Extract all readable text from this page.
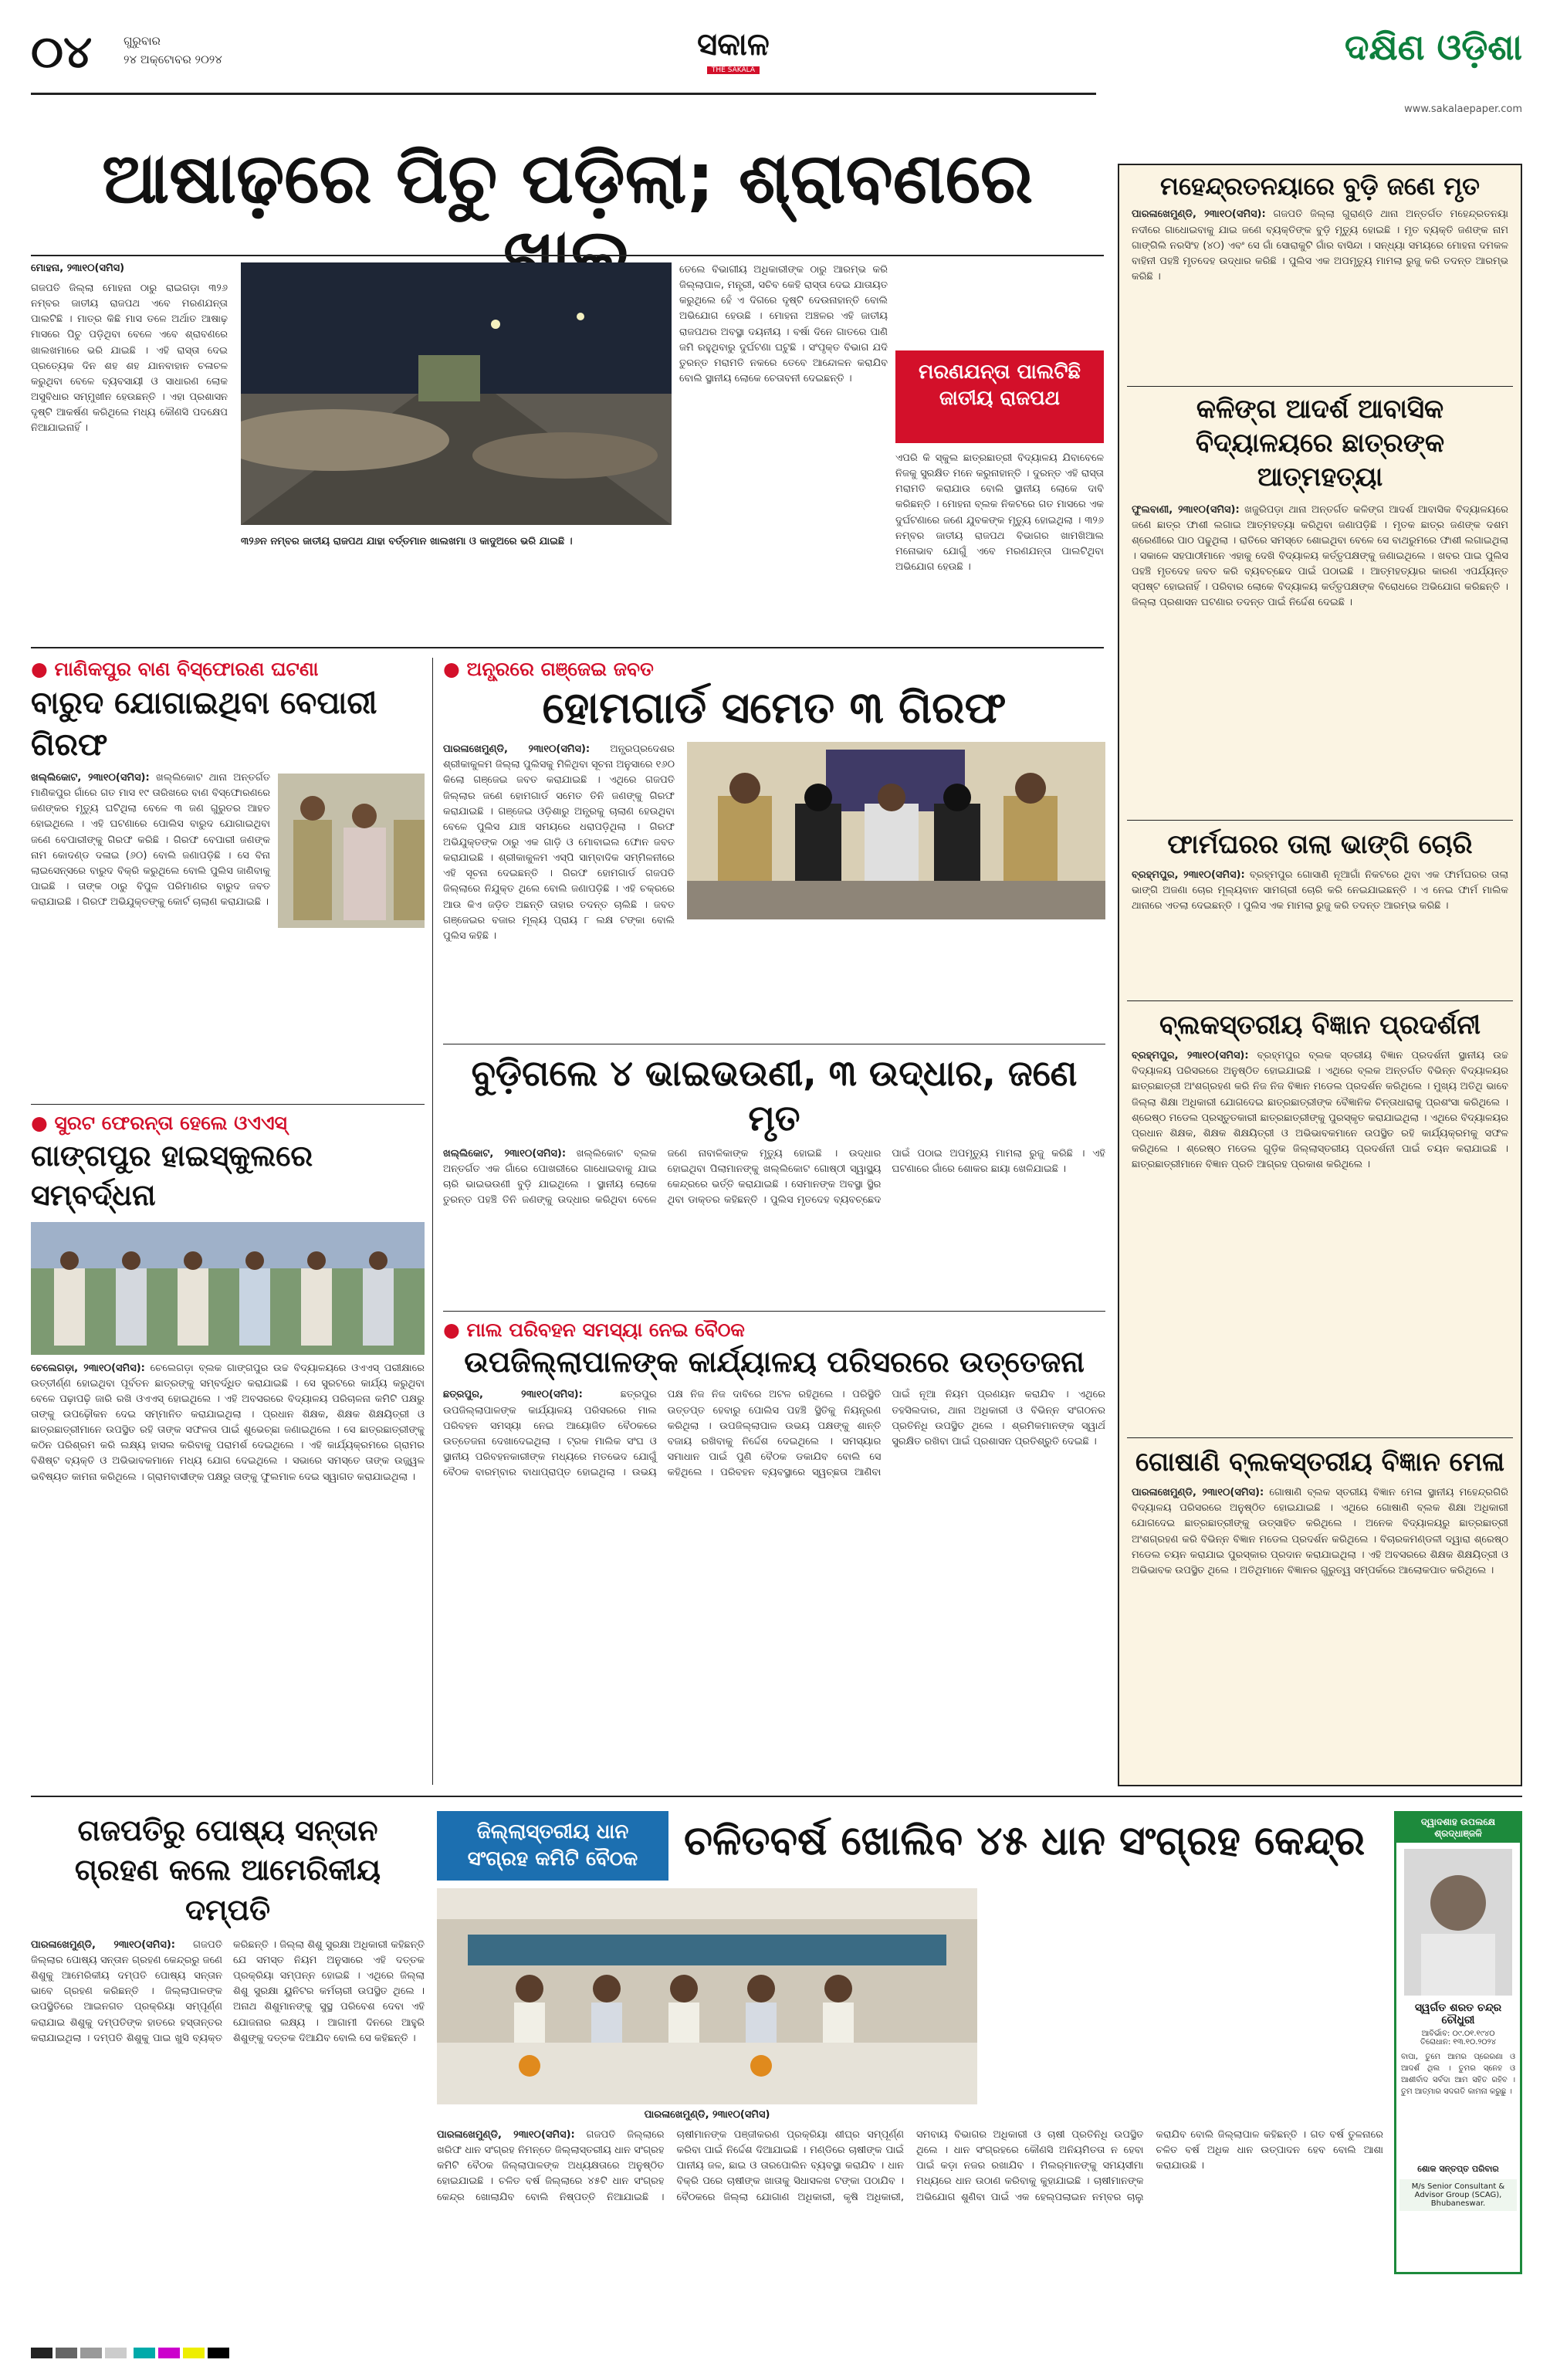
୦୪	ଗୁରୁବାର
୨୪ ଅକ୍ଟୋବର ୨୦୨୪	ସକାଳ
THE SAKALA
ଦକ୍ଷିଣ ଓଡ଼ିଶା
www.sakalaepaper.com
ଆଷାଢ଼ରେ ପିଚୁ ପଡ଼ିଲା; ଶ୍ରାବଣରେ
ମୋହନା, ୨୩ା୧୦(ସମିସ)
ଗଜପତି ଜିଲ୍ଲା ମୋହନା ଠାରୁ ରାଇଗଡ଼ା ୩୨୬ ନମ୍ବର ଜାତୀୟ ରାଜପଥ ଏବେ ମରଣଯନ୍ତା ପାଲଟିଛି । ମାତ୍ର କିଛି ମାସ ତଳେ ଅର୍ଥାତ ଆଷାଢ଼ ମାସରେ ପିଚୁ ପଡ଼ିଥିବା ବେଳେ ଏବେ ଶ୍ରାବଣରେ ଖାଲଖମାରେ ଭରି ଯାଇଛି । ଏହି ରାସ୍ତା ଦେଇ ପ୍ରତ୍ୟେକ ଦିନ ଶହ ଶହ ଯାନବାହାନ ଚଳାଚଳ କରୁଥିବା ବେଳେ ବ୍ୟବସାୟୀ ଓ ସାଧାରଣ ଲୋକ ଅସୁବିଧାର ସମ୍ମୁଖୀନ ହେଉଛନ୍ତି । ଏହା ପ୍ରଶାସନ ଦୃଷ୍ଟି ଆକର୍ଷଣ କରିଥିଲେ ମଧ୍ୟ କୌଣସି ପଦକ୍ଷେପ ନିଆଯାଇନାହିଁ ।
୩୨୬ନ ନମ୍ବର ଜାତୀୟ ରାଜପଥ ଯାହା ବର୍ତ୍ତମାନ ଖାଲଖମା ଓ କାଦୁଅରେ ଭରି ଯାଇଛି ।
ତେଲେ ବିଭାଗୀୟ ଅଧିକାରୀଙ୍କ ଠାରୁ ଆରମ୍ଭ କରି ଜିଲ୍ଲାପାଳ, ମନ୍ତ୍ରୀ, ସଚିବ କେହି ରାସ୍ତା ଦେଇ ଯାତାୟତ କରୁଥିଲେ ହେଁ ଏ ଦିଗରେ ଦୃଷ୍ଟି ଦେଉନାହାନ୍ତି ବୋଲି ଅଭିଯୋଗ ହେଉଛି । ମୋହନା ଅଞ୍ଚଳର ଏହି ଜାତୀୟ ରାଜପଥର ଅବସ୍ଥା ଦୟନୀୟ । ବର୍ଷା ଦିନେ ଗାତରେ ପାଣି ଜମି ରହୁଥିବାରୁ ଦୁର୍ଘଟଣା ଘଟୁଛି । ସଂପୃକ୍ତ ବିଭାଗ ଯଦି ତୁରନ୍ତ ମରାମତି ନକରେ ତେବେ ଆନ୍ଦୋଳନ କରାଯିବ ବୋଲି ସ୍ଥାନୀୟ ଲୋକେ ଚେତାବନୀ ଦେଇଛନ୍ତି ।	ମରଣଯନ୍ତା ପାଲଟିଛି ଜାତୀୟ ରାଜପଥ
ଏପରି କି ସ୍କୁଲ ଛାତ୍ରଛାତ୍ରୀ ବିଦ୍ୟାଳୟ ଯିବାବେଳେ ନିଜକୁ ସୁରକ୍ଷିତ ମନେ କରୁନାହାନ୍ତି । ଦୁରନ୍ତ ଏହି ରାସ୍ତା ମରାମତି କରାଯାଉ ବୋଲି ସ୍ଥାନୀୟ ଲୋକେ ଦାବି କରିଛନ୍ତି । ମୋହନା ବ୍ଲକ ନିକଟରେ ଗତ ମାସରେ ଏକ ଦୁର୍ଘଟଣାରେ ଜଣେ ଯୁବକଙ୍କ ମୃତ୍ୟୁ ହୋଇଥିଲା । ୩୨୬ ନମ୍ବର ଜାତୀୟ ରାଜପଥ ବିଭାଗର ଖାମଖିଆଲ ମନୋଭାବ ଯୋଗୁଁ ଏବେ ମରଣଯନ୍ତା ପାଲଟିଥିବା ଅଭିଯୋଗ ହେଉଛି ।
ମହେନ୍ଦ୍ରତନୟାରେ ବୁଡ଼ି ଜଣେ ମୃତ
ପାରଳାଖେମୁଣ୍ଡି, ୨୩ା୧୦(ସମିସ): ଗଜପତି ଜିଲ୍ଲା ଗୁରାଣ୍ଡି ଥାନା ଅନ୍ତର୍ଗତ ମହେନ୍ଦ୍ରତନୟା ନଦୀରେ ଗାଧୋଇବାକୁ ଯାଇ ଜଣେ ବ୍ୟକ୍ତିଙ୍କ ବୁଡ଼ି ମୃତ୍ୟୁ ହୋଇଛି । ମୃତ ବ୍ୟକ୍ତି ଜଣଙ୍କ ନାମ ଗାଙ୍ଗିଲି ନରସିଂହ (୪୦) ଏବଂ ସେ ଗାଁ ସୋରାକୁଟି ଗାଁର ବାସିନ୍ଦା । ସନ୍ଧ୍ୟା ସମୟରେ ମୋହନା ଦମକଳ ବାହିନୀ ପହଞ୍ଚି ମୃତଦେହ ଉଦ୍ଧାର କରିଛି । ପୁଲିସ ଏକ ଅପମୃତ୍ୟୁ ମାମଲା ରୁଜୁ କରି ତଦନ୍ତ ଆରମ୍ଭ କରିଛି ।
କଳିଙ୍ଗ ଆଦର୍ଶ ଆବାସିକ ବିଦ୍ୟାଳୟରେ ଛାତ୍ରଙ୍କ ଆତ୍ମହତ୍ୟା
ଫୁଲବାଣୀ, ୨୩ା୧୦(ସମିସ): ଖଜୁରିପଡ଼ା ଥାନା ଅନ୍ତର୍ଗତ କଳିଙ୍ଗ ଆଦର୍ଶ ଆବାସିକ ବିଦ୍ୟାଳୟରେ ଜଣେ ଛାତ୍ର ଫାଶୀ ଲଗାଇ ଆତ୍ମହତ୍ୟା କରିଥିବା ଜଣାପଡ଼ିଛି । ମୃତକ ଛାତ୍ର ଜଣଙ୍କ ଦଶମ ଶ୍ରେଣୀରେ ପାଠ ପଢୁଥିଲା । ରାତିରେ ସମସ୍ତେ ଶୋଇଥିବା ବେଳେ ସେ ବାଥରୁମରେ ଫାଶୀ ଲଗାଇଥିଲା । ସକାଳେ ସହପାଠୀମାନେ ଏହାକୁ ଦେଖି ବିଦ୍ୟାଳୟ କର୍ତ୍ତୃପକ୍ଷଙ୍କୁ ଜଣାଇଥିଲେ । ଖବର ପାଇ ପୁଲିସ ପହଞ୍ଚି ମୃତଦେହ ଜବତ କରି ବ୍ୟବଚ୍ଛେଦ ପାଇଁ ପଠାଇଛି । ଆତ୍ମହତ୍ୟାର କାରଣ ଏପର୍ଯ୍ୟନ୍ତ ସ୍ପଷ୍ଟ ହୋଇନାହିଁ । ପରିବାର ଲୋକେ ବିଦ୍ୟାଳୟ କର୍ତ୍ତୃପକ୍ଷଙ୍କ ବିରୋଧରେ ଅଭିଯୋଗ କରିଛନ୍ତି । ଜିଲ୍ଲା ପ୍ରଶାସନ ଘଟଣାର ତଦନ୍ତ ପାଇଁ ନିର୍ଦ୍ଦେଶ ଦେଇଛି ।
ଫାର୍ମଘରର ତାଲା ଭାଙ୍ଗି ଚୋରି
ବ୍ରହ୍ମପୁର, ୨୩ା୧୦(ସମିସ): ବ୍ରହ୍ମପୁର ଗୋସାଣି ନୂଆଗାଁ ନିକଟରେ ଥିବା ଏକ ଫାର୍ମଘରର ତାଲା ଭାଙ୍ଗି ଅଜଣା ଚୋର ମୂଲ୍ୟବାନ ସାମଗ୍ରୀ ଚୋରି କରି ନେଇଯାଇଛନ୍ତି । ଏ ନେଇ ଫାର୍ମ ମାଲିକ ଥାନାରେ ଏତଲା ଦେଇଛନ୍ତି । ପୁଲିସ ଏକ ମାମଲା ରୁଜୁ କରି ତଦନ୍ତ ଆରମ୍ଭ କରିଛି ।
ବ୍ଲକସ୍ତରୀୟ ବିଜ୍ଞାନ ପ୍ରଦର୍ଶନୀ
ବ୍ରହ୍ମପୁର, ୨୩ା୧୦(ସମିସ): ବ୍ରହ୍ମପୁର ବ୍ଲକ ସ୍ତରୀୟ ବିଜ୍ଞାନ ପ୍ରଦର୍ଶନୀ ସ୍ଥାନୀୟ ଉଚ୍ଚ ବିଦ୍ୟାଳୟ ପରିସରରେ ଅନୁଷ୍ଠିତ ହୋଇଯାଇଛି । ଏଥିରେ ବ୍ଲକ ଅନ୍ତର୍ଗତ ବିଭିନ୍ନ ବିଦ୍ୟାଳୟର ଛାତ୍ରଛାତ୍ରୀ ଅଂଶଗ୍ରହଣ କରି ନିଜ ନିଜ ବିଜ୍ଞାନ ମଡେଲ ପ୍ରଦର୍ଶନ କରିଥିଲେ । ମୁଖ୍ୟ ଅତିଥି ଭାବେ ଜିଲ୍ଲା ଶିକ୍ଷା ଅଧିକାରୀ ଯୋଗଦେଇ ଛାତ୍ରଛାତ୍ରୀଙ୍କ ବୈଜ୍ଞାନିକ ଚିନ୍ତାଧାରାକୁ ପ୍ରଶଂସା କରିଥିଲେ । ଶ୍ରେଷ୍ଠ ମଡେଲ ପ୍ରସ୍ତୁତକାରୀ ଛାତ୍ରଛାତ୍ରୀଙ୍କୁ ପୁରସ୍କୃତ କରାଯାଇଥିଲା । ଏଥିରେ ବିଦ୍ୟାଳୟର ପ୍ରଧାନ ଶିକ୍ଷକ, ଶିକ୍ଷକ ଶିକ୍ଷୟିତ୍ରୀ ଓ ଅଭିଭାବକମାନେ ଉପସ୍ଥିତ ରହି କାର୍ଯ୍ୟକ୍ରମକୁ ସଫଳ କରିଥିଲେ । ଶ୍ରେଷ୍ଠ ମଡେଲ ଗୁଡ଼ିକ ଜିଲ୍ଲାସ୍ତରୀୟ ପ୍ରଦର୍ଶନୀ ପାଇଁ ଚୟନ କରାଯାଇଛି । ଛାତ୍ରଛାତ୍ରୀମାନେ ବିଜ୍ଞାନ ପ୍ରତି ଆଗ୍ରହ ପ୍ରକାଶ କରିଥିଲେ ।
ଗୋଷାଣି ବ୍ଲକସ୍ତରୀୟ ବିଜ୍ଞାନ ମେଳା
ପାରଳାଖେମୁଣ୍ଡି, ୨୩ା୧୦(ସମିସ): ଗୋଷାଣି ବ୍ଲକ ସ୍ତରୀୟ ବିଜ୍ଞାନ ମେଳା ସ୍ଥାନୀୟ ମହେନ୍ଦ୍ରଗିରି ବିଦ୍ୟାଳୟ ପରିସରରେ ଅନୁଷ୍ଠିତ ହୋଇଯାଇଛି । ଏଥିରେ ଗୋଷାଣି ବ୍ଲକ ଶିକ୍ଷା ଅଧିକାରୀ ଯୋଗଦେଇ ଛାତ୍ରଛାତ୍ରୀଙ୍କୁ ଉତ୍ସାହିତ କରିଥିଲେ । ଅନେକ ବିଦ୍ୟାଳୟରୁ ଛାତ୍ରଛାତ୍ରୀ ଅଂଶଗ୍ରହଣ କରି ବିଭିନ୍ନ ବିଜ୍ଞାନ ମଡେଲ ପ୍ରଦର୍ଶନ କରିଥିଲେ । ବିଚାରକମଣ୍ଡଳୀ ଦ୍ୱାରା ଶ୍ରେଷ୍ଠ ମଡେଲ ଚୟନ କରାଯାଇ ପୁରସ୍କାର ପ୍ରଦାନ କରାଯାଇଥିଲା । ଏହି ଅବସରରେ ଶିକ୍ଷକ ଶିକ୍ଷୟିତ୍ରୀ ଓ ଅଭିଭାବକ ଉପସ୍ଥିତ ଥିଲେ । ଅତିଥିମାନେ ବିଜ୍ଞାନର ଗୁରୁତ୍ୱ ସମ୍ପର୍କରେ ଆଲୋକପାତ କରିଥିଲେ ।
● ମାଣିକପୁର ବାଣ ବିସ୍ଫୋରଣ ଘଟଣା
ବାରୁଦ ଯୋଗାଇଥିବା ବେପାରୀ ଗିରଫ
ଖଲ୍ଲିକୋଟ, ୨୩ା୧୦(ସମିସ): ଖଲ୍ଲିକୋଟ ଥାନା ଅନ୍ତର୍ଗତ ମାଣିକପୁର ଗାଁରେ ଗତ ମାସ ୧୯ ତାରିଖରେ ବାଣ ବିସ୍ଫୋରଣରେ ଜଣଙ୍କର ମୃତ୍ୟୁ ଘଟିଥିଲା ବେଳେ ୩ ଜଣ ଗୁରୁତର ଆହତ ହୋଇଥିଲେ । ଏହି ଘଟଣାରେ ପୋଲିସ ବାରୁଦ ଯୋଗାଇଥିବା ଜଣେ ବେପାରୀଙ୍କୁ ଗିରଫ କରିଛି । ଗିରଫ ବେପାରୀ ଜଣଙ୍କ ନାମ କୋଦଣ୍ଡ ଦଳାଇ (୬୦) ବୋଲି ଜଣାପଡ଼ିଛି । ସେ ବିନା ଲାଇସେନ୍ସରେ ବାରୁଦ ବିକ୍ରି କରୁଥିଲେ ବୋଲି ପୁଲିସ ଜାଣିବାକୁ ପାଇଛି । ତାଙ୍କ ଠାରୁ ବିପୁଳ ପରିମାଣର ବାରୁଦ ଜବତ କରାଯାଇଛି । ଗିରଫ ଅଭିଯୁକ୍ତଙ୍କୁ କୋର୍ଟ ଚାଲାଣ କରାଯାଇଛି ।
● ସୁରଟ ଫେରନ୍ତା ହେଲେ ଓଏଏସ୍
ଗାଙ୍ଗପୁର ହାଇସ୍କୁଲରେ ସମ୍ବର୍ଦ୍ଧନା
ଚେଲେଗଡ଼ା, ୨୩ା୧୦(ସମିସ): ଚେଲେଗଡ଼ା ବ୍ଲକ ଗାଙ୍ଗପୁର ଉଚ୍ଚ ବିଦ୍ୟାଳୟରେ ଓଏଏସ୍ ପରୀକ୍ଷାରେ ଉତ୍ତୀର୍ଣ୍ଣ ହୋଇଥିବା ପୂର୍ବତନ ଛାତ୍ରଙ୍କୁ ସମ୍ବର୍ଦ୍ଧିତ କରାଯାଇଛି । ସେ ସୁରଟରେ କାର୍ଯ୍ୟ କରୁଥିବା ବେଳେ ପଢ଼ାପଢ଼ି ଜାରି ରଖି ଓଏଏସ୍ ହୋଇଥିଲେ । ଏହି ଅବସରରେ ବିଦ୍ୟାଳୟ ପରିଚାଳନା କମିଟି ପକ୍ଷରୁ ତାଙ୍କୁ ଉପଢ଼ୌକନ ଦେଇ ସମ୍ମାନିତ କରାଯାଇଥିଲା । ପ୍ରଧାନ ଶିକ୍ଷକ, ଶିକ୍ଷକ ଶିକ୍ଷୟିତ୍ରୀ ଓ ଛାତ୍ରଛାତ୍ରୀମାନେ ଉପସ୍ଥିତ ରହି ତାଙ୍କ ସଫଳତା ପାଇଁ ଶୁଭେଚ୍ଛା ଜଣାଇଥିଲେ । ସେ ଛାତ୍ରଛାତ୍ରୀଙ୍କୁ କଠିନ ପରିଶ୍ରମ କରି ଲକ୍ଷ୍ୟ ହାସଲ କରିବାକୁ ପରାମର୍ଶ ଦେଇଥିଲେ । ଏହି କାର୍ଯ୍ୟକ୍ରମରେ ଗ୍ରାମର ବିଶିଷ୍ଟ ବ୍ୟକ୍ତି ଓ ଅଭିଭାବକମାନେ ମଧ୍ୟ ଯୋଗ ଦେଇଥିଲେ । ସଭାରେ ସମସ୍ତେ ତାଙ୍କ ଉଜ୍ଜ୍ୱଳ ଭବିଷ୍ୟତ କାମନା କରିଥିଲେ । ଗ୍ରାମବାସୀଙ୍କ ପକ୍ଷରୁ ତାଙ୍କୁ ଫୁଲମାଳ ଦେଇ ସ୍ୱାଗତ କରାଯାଇଥିଲା ।
● ଅନ୍ଧ୍ରରେ ଗଞ୍ଜେଇ ଜବତ
ହୋମଗାର୍ଡ ସମେତ ୩ ଗିରଫ
ପାରଳାଖେମୁଣ୍ଡି, ୨୩ା୧୦(ସମିସ): ଅନ୍ଧ୍ରପ୍ରଦେଶର ଶ୍ରୀକାକୁଳମ ଜିଲ୍ଲା ପୁଲିସକୁ ମିଳିଥିବା ସୂଚନା ଅନୁସାରେ ୧୬୦ କିଲୋ ଗଞ୍ଜେଇ ଜବତ କରାଯାଇଛି । ଏଥିରେ ଗଜପତି ଜିଲ୍ଲାର ଜଣେ ହୋମଗାର୍ଡ ସମେତ ତିନି ଜଣଙ୍କୁ ଗିରଫ କରାଯାଇଛି । ଗଞ୍ଜେଇ ଓଡ଼ିଶାରୁ ଅନ୍ଧ୍ରକୁ ଚାଲାଣ ହେଉଥିବା ବେଳେ ପୁଲିସ ଯାଞ୍ଚ ସମୟରେ ଧରାପଡ଼ିଥିଲା । ଗିରଫ ଅଭିଯୁକ୍ତଙ୍କ ଠାରୁ ଏକ ଗାଡ଼ି ଓ ମୋବାଇଲ ଫୋନ ଜବତ କରାଯାଇଛି । ଶ୍ରୀକାକୁଳମ ଏସ୍‌ପି ସାମ୍ବାଦିକ ସମ୍ମିଳନୀରେ ଏହି ସୂଚନା ଦେଇଛନ୍ତି । ଗିରଫ ହୋମଗାର୍ଡ ଗଜପତି ଜିଲ୍ଲାରେ ନିଯୁକ୍ତ ଥିଲେ ବୋଲି ଜଣାପଡ଼ିଛି । ଏହି ଚକ୍ରରେ ଆଉ କିଏ ଜଡ଼ିତ ଅଛନ୍ତି ତାହାର ତଦନ୍ତ ଚାଲିଛି । ଜବତ ଗଞ୍ଜେଇର ବଜାର ମୂଲ୍ୟ ପ୍ରାୟ ୮ ଲକ୍ଷ ଟଙ୍କା ବୋଲି ପୁଲିସ କହିଛି ।
ବୁଡ଼ିଗଲେ ୪ ଭାଇଭଉଣୀ, ୩ ଉଦ୍ଧାର, ଜଣେ ମୃତ
ଖଲ୍ଲିକୋଟ, ୨୩ା୧୦(ସମିସ): ଖଲ୍ଲିକୋଟ ବ୍ଲକ ଅନ୍ତର୍ଗତ ଏକ ଗାଁରେ ପୋଖରୀରେ ଗାଧୋଇବାକୁ ଯାଇ ଚାରି ଭାଇଭଉଣୀ ବୁଡ଼ି ଯାଇଥିଲେ । ସ୍ଥାନୀୟ ଲୋକେ ତୁରନ୍ତ ପହଞ୍ଚି ତିନି ଜଣଙ୍କୁ ଉଦ୍ଧାର କରିଥିବା ବେଳେ ଜଣେ ନାବାଳିକାଙ୍କ ମୃତ୍ୟୁ ହୋଇଛି । ଉଦ୍ଧାର ହୋଇଥିବା ପିଲାମାନଙ୍କୁ ଖଲ୍ଲିକୋଟ ଗୋଷ୍ଠୀ ସ୍ୱାସ୍ଥ୍ୟ କେନ୍ଦ୍ରରେ ଭର୍ତ୍ତି କରାଯାଇଛି । ସେମାନଙ୍କ ଅବସ୍ଥା ସ୍ଥିର ଥିବା ଡାକ୍ତର କହିଛନ୍ତି । ପୁଲିସ ମୃତଦେହ ବ୍ୟବଚ୍ଛେଦ ପାଇଁ ପଠାଇ ଅପମୃତ୍ୟୁ ମାମଲା ରୁଜୁ କରିଛି । ଏହି ଘଟଣାରେ ଗାଁରେ ଶୋକର ଛାୟା ଖେଳିଯାଇଛି ।
● ମାଲ ପରିବହନ ସମସ୍ୟା ନେଇ ବୈଠକ
ଉପଜିଲ୍ଲାପାଳଙ୍କ କାର୍ଯ୍ୟାଳୟ ପରିସରରେ ଉତ୍ତେଜନା
ଛତ୍ରପୁର, ୨୩ା୧୦(ସମିସ):	ଛତ୍ରପୁର ଉପଜିଲ୍ଲାପାଳଙ୍କ କାର୍ଯ୍ୟାଳୟ ପରିସରରେ ମାଲ ପରିବହନ ସମସ୍ୟା ନେଇ ଆୟୋଜିତ ବୈଠକରେ ଉତ୍ତେଜନା ଦେଖାଦେଇଥିଲା । ଟ୍ରକ ମାଲିକ ସଂଘ ଓ ସ୍ଥାନୀୟ ପରିବହନକାରୀଙ୍କ ମଧ୍ୟରେ ମତଭେଦ ଯୋଗୁଁ ବୈଠକ ବାରମ୍ବାର ବାଧାପ୍ରାପ୍ତ ହୋଇଥିଲା । ଉଭୟ ପକ୍ଷ ନିଜ ନିଜ ଦାବିରେ ଅଟଳ ରହିଥିଲେ । ପରିସ୍ଥିତି ଉତ୍ତପ୍ତ ହେବାରୁ ପୋଲିସ ପହଞ୍ଚି ସ୍ଥିତିକୁ ନିୟନ୍ତ୍ରଣ କରିଥିଲା । ଉପଜିଲ୍ଲାପାଳ ଉଭୟ ପକ୍ଷଙ୍କୁ ଶାନ୍ତି ବଜାୟ ରଖିବାକୁ ନିର୍ଦ୍ଦେଶ ଦେଇଥିଲେ । ସମସ୍ୟାର ସମାଧାନ ପାଇଁ ପୁଣି ବୈଠକ ଡକାଯିବ ବୋଲି ସେ କହିଥିଲେ । ପରିବହନ ବ୍ୟବସ୍ଥାରେ ସ୍ୱଚ୍ଛତା ଆଣିବା ପାଇଁ ନୂଆ ନିୟମ ପ୍ରଣୟନ କରାଯିବ । ଏଥିରେ ତହସିଲଦାର, ଥାନା ଅଧିକାରୀ ଓ ବିଭିନ୍ନ ସଂଗଠନର ପ୍ରତିନିଧି ଉପସ୍ଥିତ ଥିଲେ । ଶ୍ରମିକମାନଙ୍କ ସ୍ୱାର୍ଥ ସୁରକ୍ଷିତ ରଖିବା ପାଇଁ ପ୍ରଶାସନ ପ୍ରତିଶ୍ରୁତି ଦେଇଛି ।
ଗଜପତିରୁ ପୋଷ୍ୟ ସନ୍ତାନ ଗ୍ରହଣ କଲେ ଆମେରିକୀୟ ଦମ୍ପତି
ପାରଳାଖେମୁଣ୍ଡି, ୨୩ା୧୦(ସମିସ): ଗଜପତି ଜିଲ୍ଲାର ପୋଷ୍ୟ ସନ୍ତାନ ଗ୍ରହଣ କେନ୍ଦ୍ରରୁ ଜଣେ ଶିଶୁକୁ ଆମେରିକୀୟ ଦମ୍ପତି ପୋଷ୍ୟ ସନ୍ତାନ ଭାବେ ଗ୍ରହଣ କରିଛନ୍ତି । ଜିଲ୍ଲାପାଳଙ୍କ ଉପସ୍ଥିତିରେ ଆଇନଗତ ପ୍ରକ୍ରିୟା ସମ୍ପୂର୍ଣ୍ଣ କରାଯାଇ ଶିଶୁକୁ ଦମ୍ପତିଙ୍କ ହାତରେ ହସ୍ତାନ୍ତର କରାଯାଇଥିଲା । ଦମ୍ପତି ଶିଶୁକୁ ପାଇ ଖୁସି ବ୍ୟକ୍ତ କରିଛନ୍ତି । ଜିଲ୍ଲା ଶିଶୁ ସୁରକ୍ଷା ଅଧିକାରୀ କହିଛନ୍ତି ଯେ ସମସ୍ତ ନିୟମ ଅନୁସାରେ ଏହି ଦତ୍ତକ ପ୍ରକ୍ରିୟା ସମ୍ପନ୍ନ ହୋଇଛି । ଏଥିରେ ଜିଲ୍ଲା ଶିଶୁ ସୁରକ୍ଷା ୟୁନିଟର କର୍ମଚାରୀ ଉପସ୍ଥିତ ଥିଲେ । ଅନାଥ ଶିଶୁମାନଙ୍କୁ ସୁସ୍ଥ ପରିବେଶ ଦେବା ଏହି ଯୋଜନାର ଲକ୍ଷ୍ୟ । ଆଗାମୀ ଦିନରେ ଆହୁରି ଶିଶୁଙ୍କୁ ଦତ୍ତକ ଦିଆଯିବ ବୋଲି ସେ କହିଛନ୍ତି ।
ଜିଲ୍ଲାସ୍ତରୀୟ ଧାନ ସଂଗ୍ରହ କମିଟି ବୈଠକ	ଚଳିତବର୍ଷ ଖୋଲିବ ୪୫ ଧାନ ସଂଗ୍ରହ କେନ୍ଦ୍ର
ପାରଳାଖେମୁଣ୍ଡି, ୨୩ା୧୦(ସମିସ)
ପାରଳାଖେମୁଣ୍ଡି, ୨୩ା୧୦(ସମିସ): ଗଜପତି ଜିଲ୍ଲାରେ ଖରିଫ ଧାନ ସଂଗ୍ରହ ନିମନ୍ତେ ଜିଲ୍ଲାସ୍ତରୀୟ ଧାନ ସଂଗ୍ରହ କମିଟି ବୈଠକ ଜିଲ୍ଲାପାଳଙ୍କ ଅଧ୍ୟକ୍ଷତାରେ ଅନୁଷ୍ଠିତ ହୋଇଯାଇଛି । ଚଳିତ ବର୍ଷ ଜିଲ୍ଲାରେ ୪୫ଟି ଧାନ ସଂଗ୍ରହ କେନ୍ଦ୍ର ଖୋଲାଯିବ ବୋଲି ନିଷ୍ପତ୍ତି ନିଆଯାଇଛି । ଚାଷୀମାନଙ୍କ ପଞ୍ଜୀକରଣ ପ୍ରକ୍ରିୟା ଶୀଘ୍ର ସମ୍ପୂର୍ଣ୍ଣ କରିବା ପାଇଁ ନିର୍ଦ୍ଦେଶ ଦିଆଯାଇଛି । ମଣ୍ଡିରେ ଚାଷୀଙ୍କ ପାଇଁ ପାନୀୟ ଜଳ, ଛାଇ ଓ ତାରପୋଲିନ ବ୍ୟବସ୍ଥା କରାଯିବ । ଧାନ ବିକ୍ରି ପରେ ଚାଷୀଙ୍କ ଖାତାକୁ ସିଧାସଳଖ ଟଙ୍କା ପଠାଯିବ । ବୈଠକରେ ଜିଲ୍ଲା ଯୋଗାଣ ଅଧିକାରୀ, କୃଷି ଅଧିକାରୀ, ସମବାୟ ବିଭାଗର ଅଧିକାରୀ ଓ ଚାଷୀ ପ୍ରତିନିଧି ଉପସ୍ଥିତ ଥିଲେ । ଧାନ ସଂଗ୍ରହରେ କୌଣସି ଅନିୟମିତତା ନ ହେବା ପାଇଁ କଡ଼ା ନଜର ରଖାଯିବ । ମିଲର୍‌ମାନଙ୍କୁ ସମୟସୀମା ମଧ୍ୟରେ ଧାନ ଉଠାଣ କରିବାକୁ କୁହାଯାଇଛି । ଚାଷୀମାନଙ୍କ ଅଭିଯୋଗ ଶୁଣିବା ପାଇଁ ଏକ ହେଲ୍ପଲାଇନ ନମ୍ବର ଚାଲୁ କରାଯିବ ବୋଲି ଜିଲ୍ଲାପାଳ କହିଛନ୍ତି । ଗତ ବର୍ଷ ତୁଳନାରେ ଚଳିତ ବର୍ଷ ଅଧିକ ଧାନ ଉତ୍ପାଦନ ହେବ ବୋଲି ଆଶା କରାଯାଉଛି ।
ଦ୍ୱାଦଶାହ ଉପଲକ୍ଷେ ଶ୍ରଦ୍ଧାଞ୍ଜଳି
ସ୍ୱର୍ଗତ ଶରତ ଚନ୍ଦ୍ର ଚୌଧୁରୀ
ଆବିର୍ଭାବ: ୦୯.୦୧.୧୯୪୦
ତିରୋଧାନ: ୧୩.୧୦.୨୦୨୪
ବାପା, ତୁମେ ଆମର ପ୍ରେରଣା ଓ ଆଦର୍ଶ ଥିଲ । ତୁମର ସ୍ନେହ ଓ ଆଶୀର୍ବାଦ ସର୍ବଦା ଆମ ସହିତ ରହିବ । ତୁମ ଆତ୍ମାର ସଦଗତି କାମନା କରୁଛୁ ।
ଶୋକ ସନ୍ତପ୍ତ ପରିବାର
M/s Senior Consultant & Advisor Group (SCAG), Bhubaneswar.
